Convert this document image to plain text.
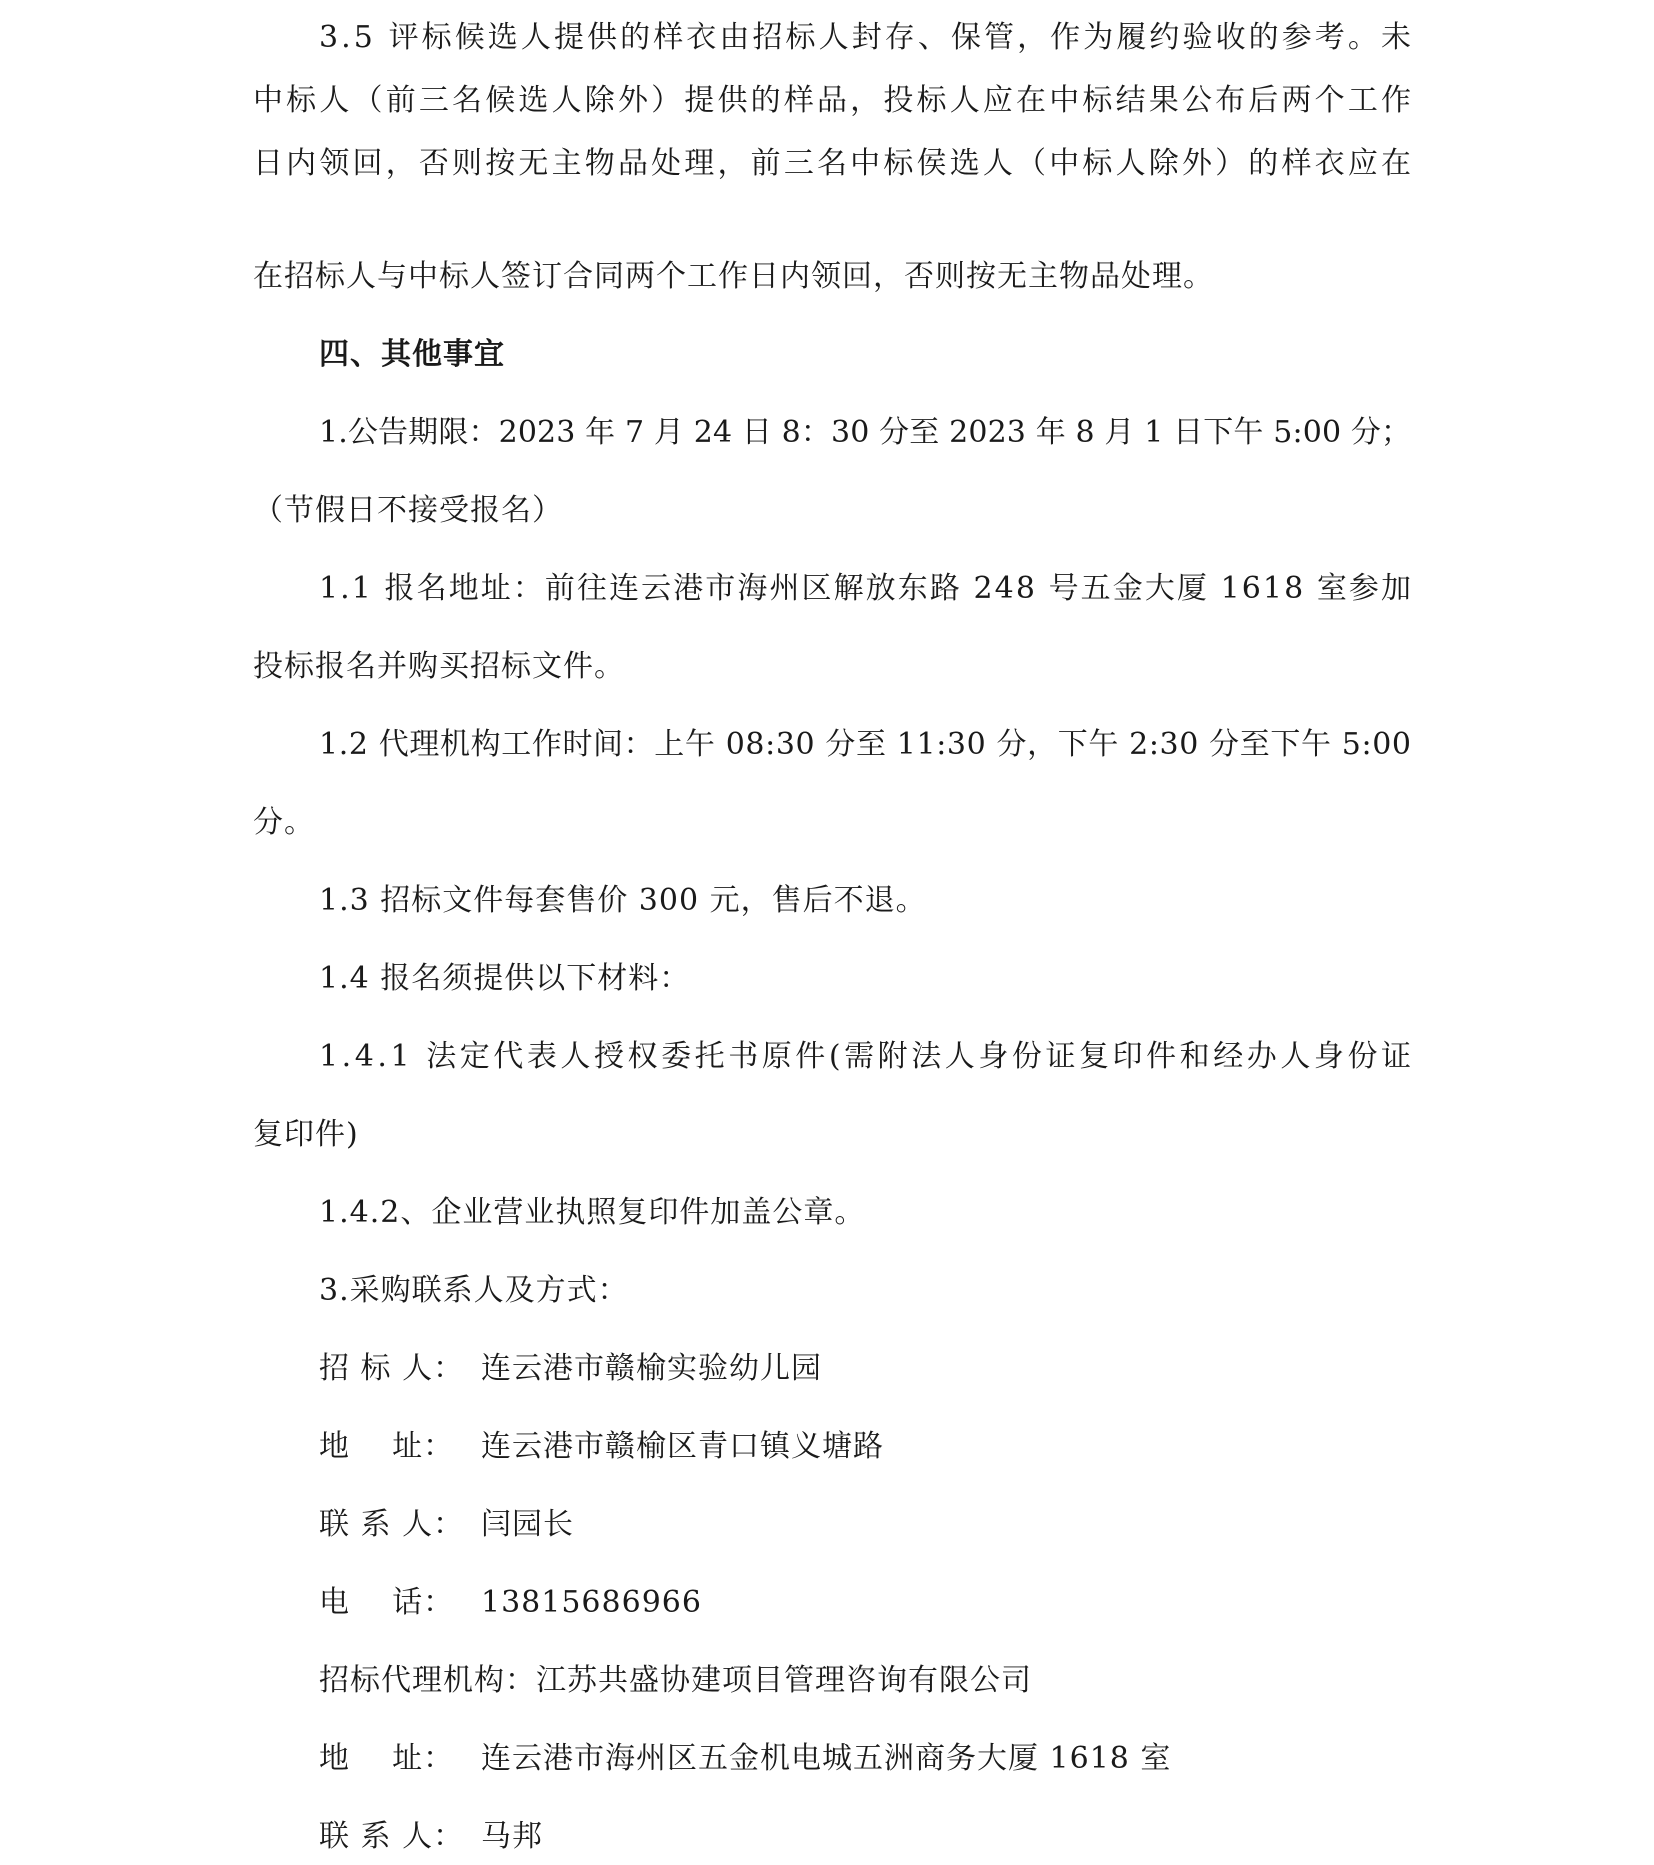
3.5 评标候选人提供的样衣由招标人封存、保管，作为履约验收的参考。未
中标人（前三名候选人除外）提供的样品，投标人应在中标结果公布后两个工作
日内领回，否则按无主物品处理，前三名中标侯选人（中标人除外）的样衣应在
在招标人与中标人签订合同两个工作日内领回，否则按无主物品处理。
四、其他事宜
1.公告期限：2023 年 7 月 24 日 8：30 分至 2023 年 8 月 1 日下午 5:00 分；
（节假日不接受报名）
1.1 报名地址：前往连云港市海州区解放东路 248 号五金大厦 1618 室参加
投标报名并购买招标文件。
1.2 代理机构工作时间：上午 08:30 分至 11:30 分，下午 2:30 分至下午 5:00
分。
1.3 招标文件每套售价 300 元，售后不退。
1.4 报名须提供以下材料：
1.4.1 法定代表人授权委托书原件(需附法人身份证复印件和经办人身份证
复印件)
1.4.2、企业营业执照复印件加盖公章。
3.采购联系人及方式：
招 标 人： 连云港市赣榆实验幼儿园
地    址： 连云港市赣榆区青口镇义塘路
联 系 人： 闫园长
电    话： 13815686966
招标代理机构：江苏共盛协建项目管理咨询有限公司
地    址： 连云港市海州区五金机电城五洲商务大厦 1618 室
联 系 人： 马邦
